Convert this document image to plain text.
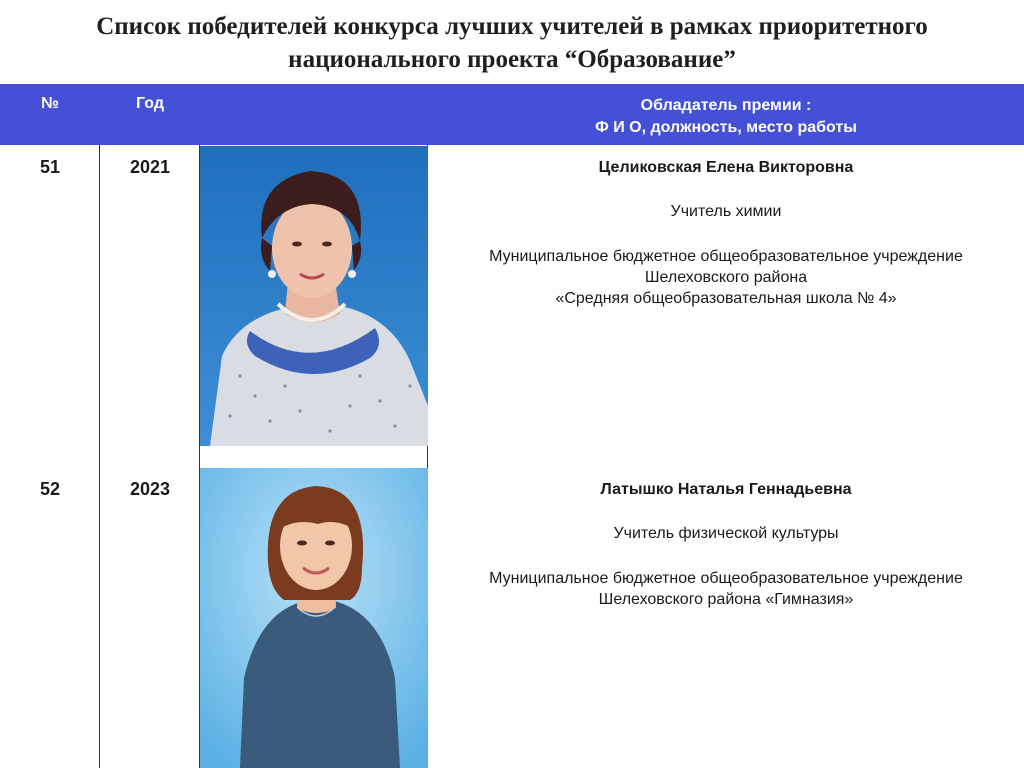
Список победителей конкурса лучших учителей в рамках приоритетного
национального проекта “Образование”
№	Год	Обладатель премии :
Ф И О, должность, место работы
51	2021	Целиковская Елена Викторовна
Учитель химии
Муниципальное бюджетное общеобразовательное учреждение
Шелеховского района
«Средняя общеобразовательная школа № 4»
52	2023	Латышко Наталья Геннадьевна
Учитель физической культуры
Муниципальное бюджетное общеобразовательное учреждение
Шелеховского района «Гимназия»
